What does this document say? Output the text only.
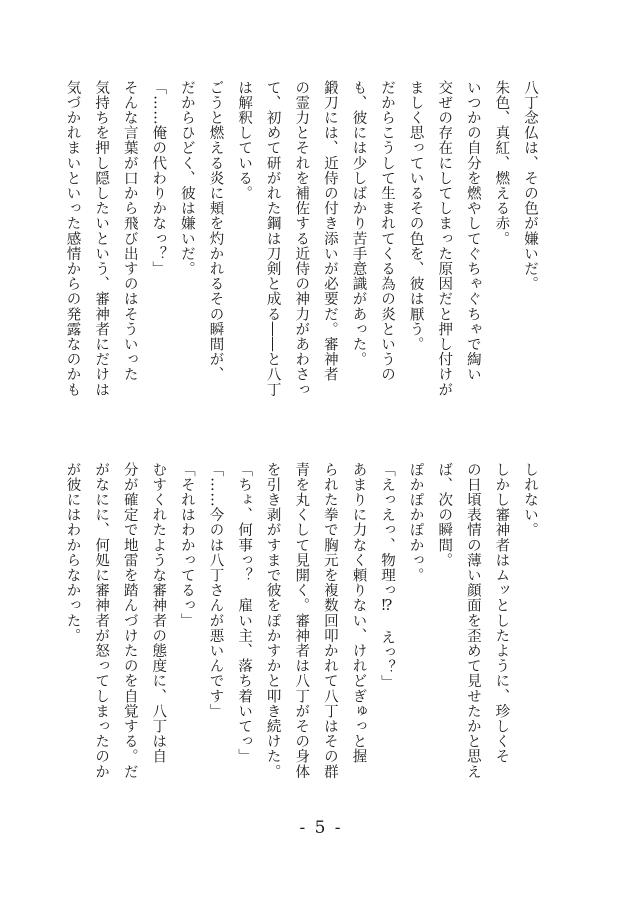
八丁念仏は、その色が嫌いだ。
朱色、真紅、燃える赤。
いつかの自分を燃やしてぐちゃぐちゃで綯い
交ぜの存在にしてしまった原因だと押し付けが
ましく思っているその色を、彼は厭う。
だからこうして生まれてくる為の炎というの
も、彼には少しばかり苦手意識があった。
鍛刀には、近侍の付き添いが必要だ。審神者
の霊力とそれを補佐する近侍の神力があわさっ
て、初めて研がれた鋼は刀剣と成る――と八丁
は解釈している。
ごうと燃える炎に頬を灼かれるその瞬間が、
だからひどく、彼は嫌いだ。
「……俺の代わりかなっ？」
そんな言葉が口から飛び出すのはそういった
気持ちを押し隠したいという、審神者にだけは
気づかれまいといった感情からの発露なのかも
しれない。
しかし審神者はムッとしたように、珍しくそ
の日頃表情の薄い顔面を歪めて見せたかと思え
ば、次の瞬間。
ぽかぽかぽかっ。
「えっえっ、物理っ⁉　えっ？」
あまりに力なく頼りない、けれどぎゅっと握
られた拳で胸元を複数回叩かれて八丁はその群
青を丸くして見開く。審神者は八丁がその身体
を引き剥がすまで彼をぽかすかと叩き続けた。
「ちょ、何事っ？　雇い主、落ち着いてっ」
「……今のは八丁さんが悪いんです」
「それはわかってるっ」
むすくれたような審神者の態度に、八丁は自
分が確定で地雷を踏んづけたのを自覚する。だ
がなにに、何処に審神者が怒ってしまったのか
が彼にはわからなかった。
- 5 -
